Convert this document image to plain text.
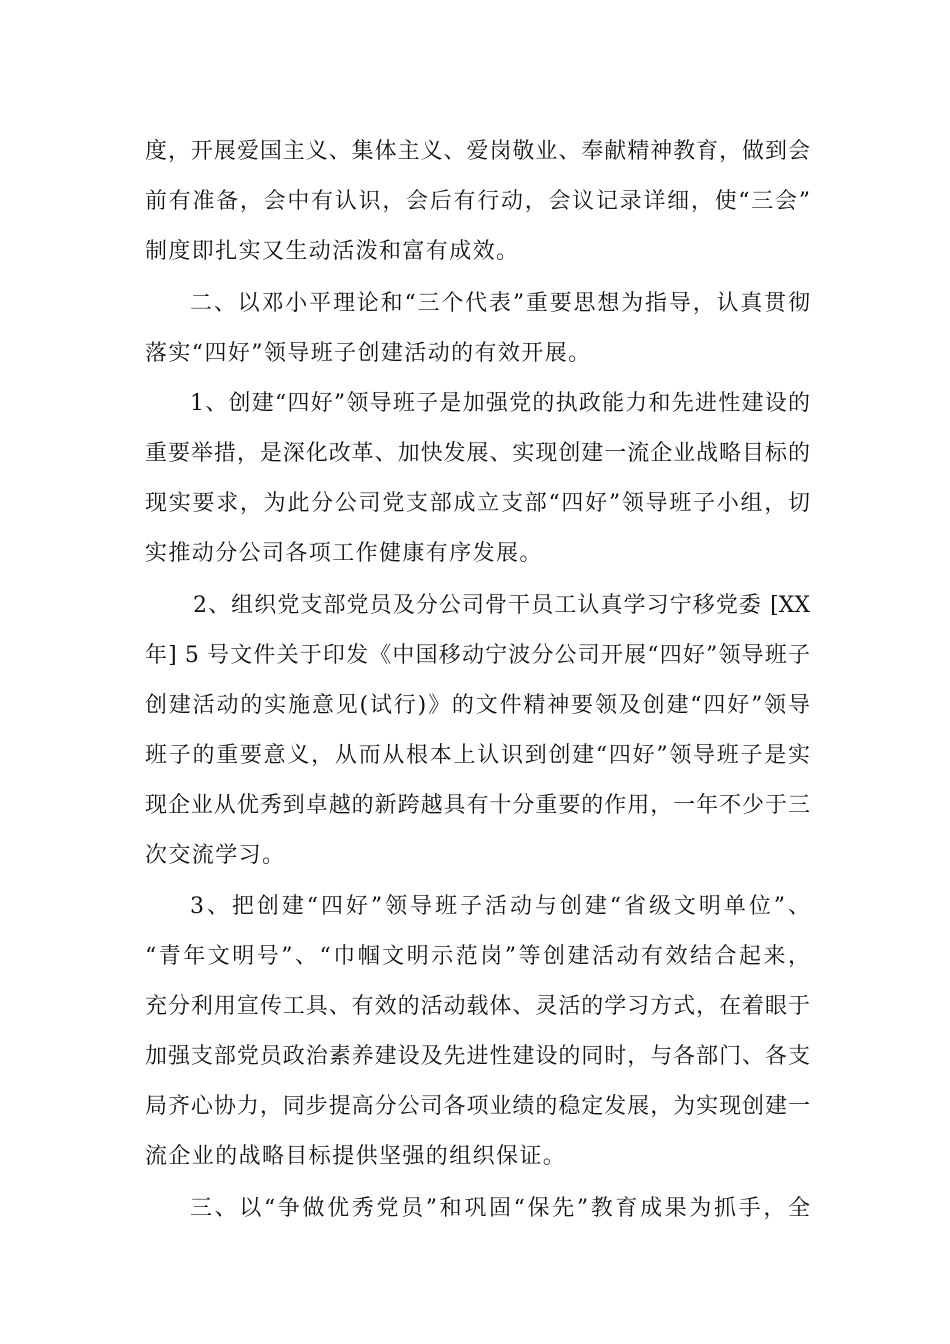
度，开展爱国主义、集体主义、爱岗敬业、奉献精神教育，做到会
前有准备，会中有认识，会后有行动，会议记录详细，使“三会”
制度即扎实又生动活泼和富有成效。
二、以邓小平理论和“三个代表”重要思想为指导，认真贯彻
落实“四好”领导班子创建活动的有效开展。
1、创建“四好”领导班子是加强党的执政能力和先进性建设的
重要举措，是深化改革、加快发展、实现创建一流企业战略目标的
现实要求，为此分公司党支部成立支部“四好”领导班子小组，切
实推动分公司各项工作健康有序发展。
2、组织党支部党员及分公司骨干员工认真学习宁移党委 [XX
年] 5 号文件关于印发《中国移动宁波分公司开展“四好”领导班子
创建活动的实施意见(试行)》的文件精神要领及创建“四好”领导
班子的重要意义，从而从根本上认识到创建“四好”领导班子是实
现企业从优秀到卓越的新跨越具有十分重要的作用，一年不少于三
次交流学习。
3、把创建“四好”领导班子活动与创建“省级文明单位”、
“青年文明号”、“巾帼文明示范岗”等创建活动有效结合起来，
充分利用宣传工具、有效的活动载体、灵活的学习方式，在着眼于
加强支部党员政治素养建设及先进性建设的同时，与各部门、各支
局齐心协力，同步提高分公司各项业绩的稳定发展，为实现创建一
流企业的战略目标提供坚强的组织保证。
三、以“争做优秀党员”和巩固“保先”教育成果为抓手，全
